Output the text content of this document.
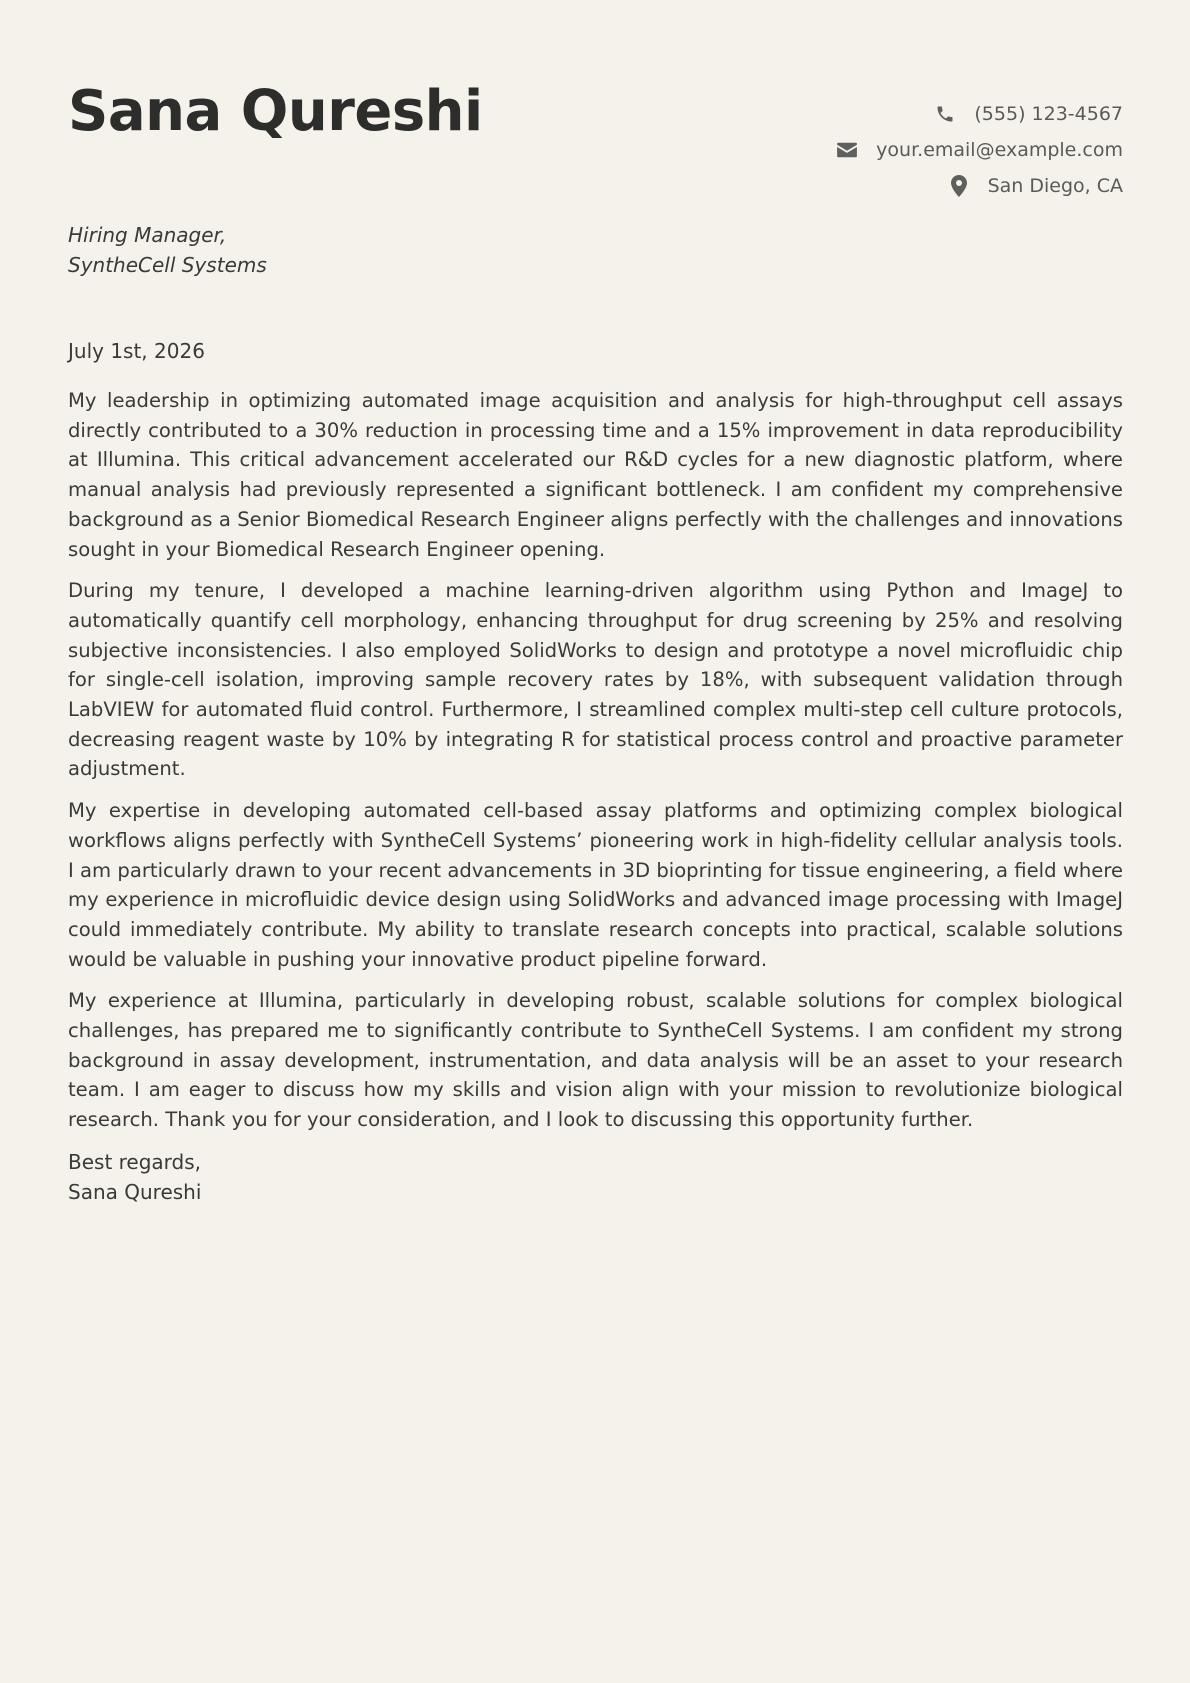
Sana Qureshi	(555) 123-4567
your.email@example.com
San Diego, CA
Hiring Manager,
SyntheCell Systems
July 1st, 2026

My leadership in optimizing automated image acquisition and analysis for high-throughput cell assays directly contributed to a 30% reduction in processing time and a 15% improvement in data reproducibility at Illumina. This critical advancement accelerated our R&D cycles for a new diagnostic platform, where manual analysis had previously represented a significant bottleneck. I am confident my comprehensive background as a Senior Biomedical Research Engineer aligns perfectly with the challenges and innovations sought in your Biomedical Research Engineer opening.

During my tenure, I developed a machine learning-driven algorithm using Python and ImageJ to automatically quantify cell morphology, enhancing throughput for drug screening by 25% and resolving subjective inconsistencies. I also employed SolidWorks to design and prototype a novel microfluidic chip for single-cell isolation, improving sample recovery rates by 18%, with subsequent validation through LabVIEW for automated fluid control. Furthermore, I streamlined complex multi-step cell culture protocols, decreasing reagent waste by 10% by integrating R for statistical process control and proactive parameter adjustment.

My expertise in developing automated cell-based assay platforms and optimizing complex biological workflows aligns perfectly with SyntheCell Systems’ pioneering work in high-fidelity cellular analysis tools. I am particularly drawn to your recent advancements in 3D bioprinting for tissue engineering, a field where my experience in microfluidic device design using SolidWorks and advanced image processing with ImageJ could immediately contribute. My ability to translate research concepts into practical, scalable solutions would be valuable in pushing your innovative product pipeline forward.

My experience at Illumina, particularly in developing robust, scalable solutions for complex biological challenges, has prepared me to significantly contribute to SyntheCell Systems. I am confident my strong background in assay development, instrumentation, and data analysis will be an asset to your research team. I am eager to discuss how my skills and vision align with your mission to revolutionize biological research. Thank you for your consideration, and I look to discussing this opportunity further.

Best regards,
Sana Qureshi
